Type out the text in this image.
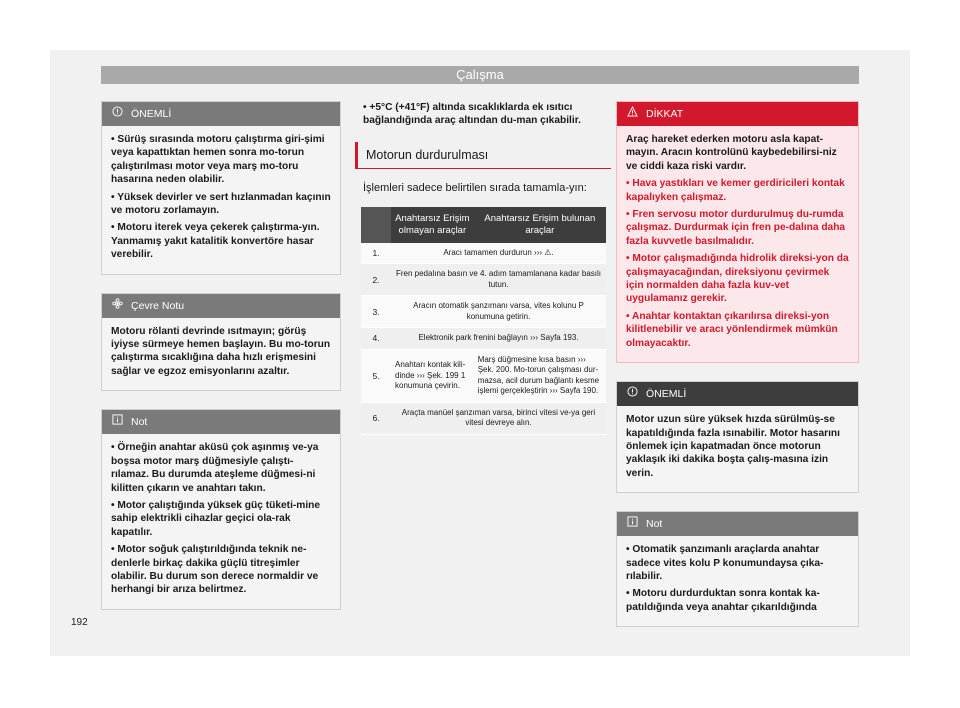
Çalışma
ÖNEMLİ

• Sürüş sırasında motoru çalıştırma giri-şimi veya kapattıktan hemen sonra mo-torun çalıştırılması motor veya marş mo-toru hasarına neden olabilir.

• Yüksek devirler ve sert hızlanmadan kaçının ve motoru zorlamayın.

• Motoru iterek veya çekerek çalıştırma-yın. Yanmamış yakıt katalitik konvertöre hasar verebilir.

Çevre Notu

Motoru rölanti devrinde ısıtmayın; görüş iyiyse sürmeye hemen başlayın. Bu mo-torun çalıştırma sıcaklığına daha hızlı erişmesini sağlar ve egzoz emisyonlarını azaltır.

Not

• Örneğin anahtar aküsü çok aşınmış ve-ya boşsa motor marş düğmesiyle çalıştı-rılamaz. Bu durumda ateşleme düğmesi-ni kilitten çıkarın ve anahtarı takın.

• Motor çalıştığında yüksek güç tüketi-mine sahip elektrikli cihazlar geçici ola-rak kapatılır.

• Motor soğuk çalıştırıldığında teknik ne-denlerle birkaç dakika güçlü titreşimler olabilir. Bu durum son derece normaldir ve herhangi bir arıza belirtmez.

• +5°C (+41°F) altında sıcaklıklarda ek ısıtıcı bağlandığında araç altından du-man çıkabilir.

Motorun durdurulması

İşlemleri sadece belirtilen sırada tamamla-yın:

	Anahtarsız Erişim olmayan araçlar	Anahtarsız Erişim bulunan araçlar
1.	Aracı tamamen durdurun ››› ⚠.	
2.	Fren pedalına basın ve 4. adım tamamlanana kadar basılı tutun.	
3.	Aracın otomatik şanzımanı varsa, vites kolunu P konumuna getirin.	
4.	Elektronik park frenini bağlayın ››› Sayfa 193.	
5.	Anahtarı kontak kili-dinde ››› Şek. 199 1 konumuna çevirin.	Marş düğmesine kısa basın ››› Şek. 200. Mo-torun çalışması dur-mazsa, acil durum bağlantı kesme işlemi gerçekleştirin ››› Sayfa 190.
6.	Araçta manüel şanzıman varsa, birinci vitesi ve-ya geri vitesi devreye alın.	
DİKKAT

Araç hareket ederken motoru asla kapat-mayın. Aracın kontrolünü kaybedebilirsi-niz ve ciddi kaza riski vardır.

• Hava yastıkları ve kemer gerdiricileri kontak kapalıyken çalışmaz.

• Fren servosu motor durdurulmuş du-rumda çalışmaz. Durdurmak için fren pe-dalına daha fazla kuvvetle basılmalıdır.

• Motor çalışmadığında hidrolik direksi-yon da çalışmayacağından, direksiyonu çevirmek için normalden daha fazla kuv-vet uygulamanız gerekir.

• Anahtar kontaktan çıkarılırsa direksi-yon kilitlenebilir ve aracı yönlendirmek mümkün olmayacaktır.

ÖNEMLİ

Motor uzun süre yüksek hızda sürülmüş-se kapatıldığında fazla ısınabilir. Motor hasarını önlemek için kapatmadan önce motorun yaklaşık iki dakika boşta çalış-masına izin verin.

Not

• Otomatik şanzımanlı araçlarda anahtar sadece vites kolu P konumundaysa çıka-rılabilir.

• Motoru durdurduktan sonra kontak ka-patıldığında veya anahtar çıkarıldığında

192
